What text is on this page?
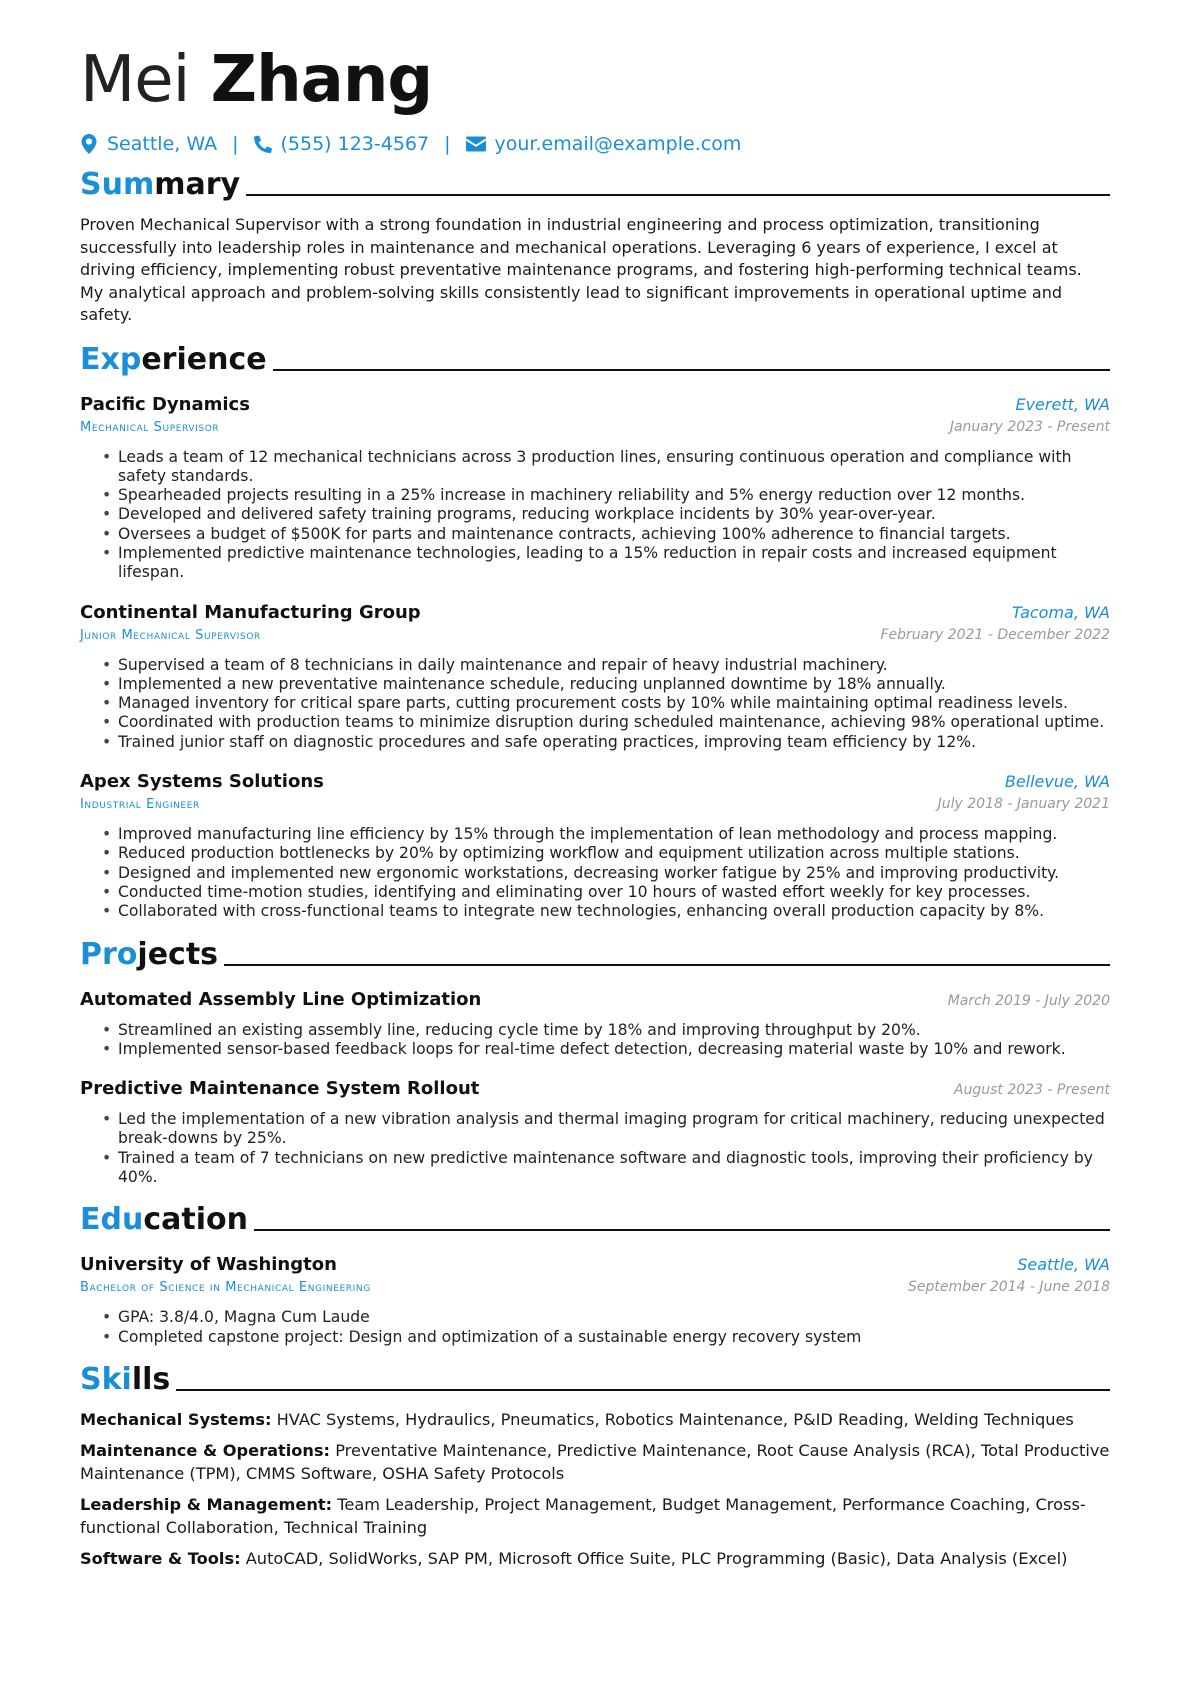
Mei Zhang
Seattle, WA | (555) 123-4567 | your.email@example.com
Summary
Proven Mechanical Supervisor with a strong foundation in industrial engineering and process optimization, transitioning successfully into leadership roles in maintenance and mechanical operations. Leveraging 6 years of experience, I excel at driving efficiency, implementing robust preventative maintenance programs, and fostering high-performing technical teams. My analytical approach and problem-solving skills consistently lead to significant improvements in operational uptime and safety.
Experience
Pacific Dynamics	Everett, WA
Mechanical Supervisor	January 2023 - Present
• Leads a team of 12 mechanical technicians across 3 production lines, ensuring continuous operation and compliance with safety standards.
• Spearheaded projects resulting in a 25% increase in machinery reliability and 5% energy reduction over 12 months.
• Developed and delivered safety training programs, reducing workplace incidents by 30% year-over-year.
• Oversees a budget of $500K for parts and maintenance contracts, achieving 100% adherence to financial targets.
• Implemented predictive maintenance technologies, leading to a 15% reduction in repair costs and increased equipment lifespan.
Continental Manufacturing Group	Tacoma, WA
Junior Mechanical Supervisor	February 2021 - December 2022
• Supervised a team of 8 technicians in daily maintenance and repair of heavy industrial machinery.
• Implemented a new preventative maintenance schedule, reducing unplanned downtime by 18% annually.
• Managed inventory for critical spare parts, cutting procurement costs by 10% while maintaining optimal readiness levels.
• Coordinated with production teams to minimize disruption during scheduled maintenance, achieving 98% operational uptime.
• Trained junior staff on diagnostic procedures and safe operating practices, improving team efficiency by 12%.
Apex Systems Solutions	Bellevue, WA
Industrial Engineer	July 2018 - January 2021
• Improved manufacturing line efficiency by 15% through the implementation of lean methodology and process mapping.
• Reduced production bottlenecks by 20% by optimizing workflow and equipment utilization across multiple stations.
• Designed and implemented new ergonomic workstations, decreasing worker fatigue by 25% and improving productivity.
• Conducted time-motion studies, identifying and eliminating over 10 hours of wasted effort weekly for key processes.
• Collaborated with cross-functional teams to integrate new technologies, enhancing overall production capacity by 8%.
Projects
Automated Assembly Line Optimization	March 2019 - July 2020
• Streamlined an existing assembly line, reducing cycle time by 18% and improving throughput by 20%.
• Implemented sensor-based feedback loops for real-time defect detection, decreasing material waste by 10% and rework.
Predictive Maintenance System Rollout	August 2023 - Present
• Led the implementation of a new vibration analysis and thermal imaging program for critical machinery, reducing unexpected break-downs by 25%.
• Trained a team of 7 technicians on new predictive maintenance software and diagnostic tools, improving their proficiency by 40%.
Education
University of Washington	Seattle, WA
Bachelor of Science in Mechanical Engineering	September 2014 - June 2018
• GPA: 3.8/4.0, Magna Cum Laude
• Completed capstone project: Design and optimization of a sustainable energy recovery system
Skills
Mechanical Systems: HVAC Systems, Hydraulics, Pneumatics, Robotics Maintenance, P&ID Reading, Welding Techniques
Maintenance & Operations: Preventative Maintenance, Predictive Maintenance, Root Cause Analysis (RCA), Total Productive Maintenance (TPM), CMMS Software, OSHA Safety Protocols
Leadership & Management: Team Leadership, Project Management, Budget Management, Performance Coaching, Cross-functional Collaboration, Technical Training
Software & Tools: AutoCAD, SolidWorks, SAP PM, Microsoft Office Suite, PLC Programming (Basic), Data Analysis (Excel)
